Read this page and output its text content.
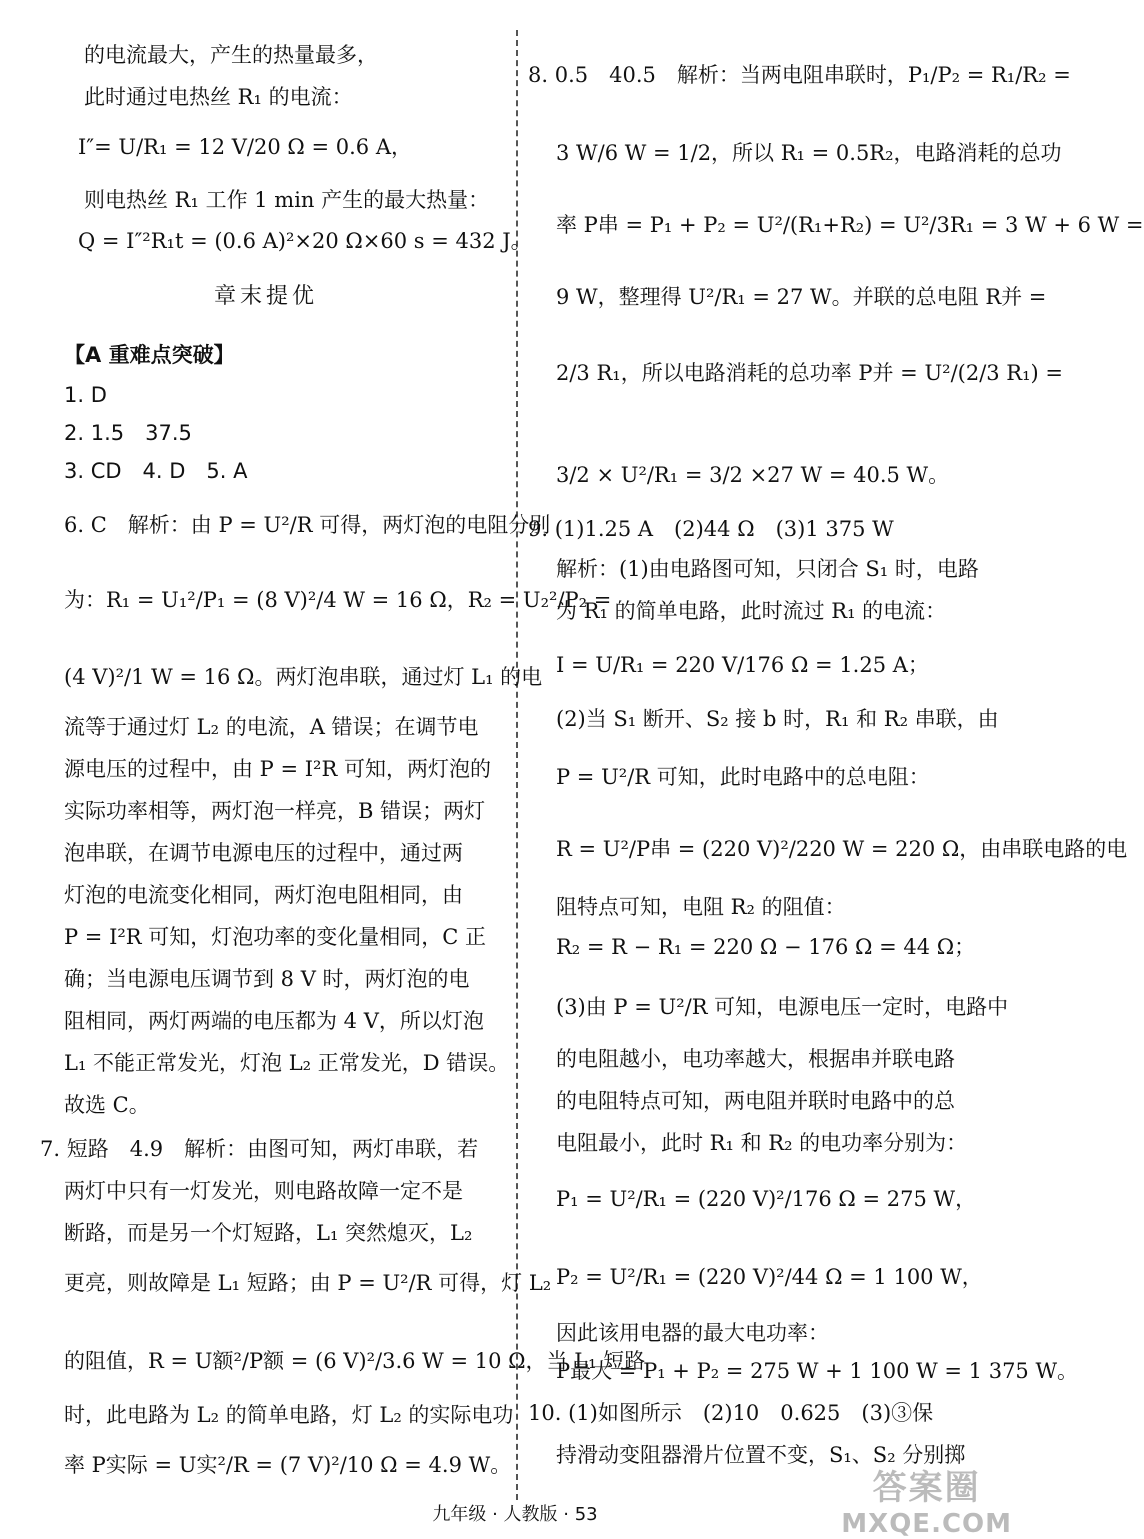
的电流最大，产生的热量最多，
此时通过电热丝 R₁ 的电流：
I″= U/R₁ = 12 V/20 Ω = 0.6 A，
则电热丝 R₁ 工作 1 min 产生的最大热量：
Q = I″²R₁t = (0.6 A)²×20 Ω×60 s = 432 J。
章末提优
【A 重难点突破】
1. D
2. 1.5　37.5
3. CD　4. D　5. A
6. C　解析：由 P = U²/R 可得，两灯泡的电阻分别
为：R₁ = U₁²/P₁ = (8 V)²/4 W = 16 Ω，R₂ = U₂²/P₂ =
(4 V)²/1 W = 16 Ω。两灯泡串联，通过灯 L₁ 的电
流等于通过灯 L₂ 的电流，A 错误；在调节电
源电压的过程中，由 P = I²R 可知，两灯泡的
实际功率相等，两灯泡一样亮，B 错误；两灯
泡串联，在调节电源电压的过程中，通过两
灯泡的电流变化相同，两灯泡电阻相同，由
P = I²R 可知，灯泡功率的变化量相同，C 正
确；当电源电压调节到 8 V 时，两灯泡的电
阻相同，两灯两端的电压都为 4 V，所以灯泡
L₁ 不能正常发光，灯泡 L₂ 正常发光，D 错误。
故选 C。
7. 短路　4.9　解析：由图可知，两灯串联，若
两灯中只有一灯发光，则电路故障一定不是
断路，而是另一个灯短路，L₁ 突然熄灭，L₂
更亮，则故障是 L₁ 短路；由 P = U²/R 可得，灯 L₂
的阻值，R = U额²/P额 = (6 V)²/3.6 W = 10 Ω，当 L₁ 短路
时，此电路为 L₂ 的简单电路，灯 L₂ 的实际电功
率 P实际 = U实²/R = (7 V)²/10 Ω = 4.9 W。
8. 0.5　40.5　解析：当两电阻串联时，P₁/P₂ = R₁/R₂ =
3 W/6 W = 1/2，所以 R₁ = 0.5R₂，电路消耗的总功
率 P串 = P₁ + P₂ = U²/(R₁+R₂) = U²/3R₁ = 3 W + 6 W =
9 W，整理得 U²/R₁ = 27 W。并联的总电阻 R并 =
2/3 R₁，所以电路消耗的总功率 P并 = U²/(2/3 R₁) =
3/2 × U²/R₁ = 3/2 ×27 W = 40.5 W。
9. (1)1.25 A　(2)44 Ω　(3)1 375 W
解析：(1)由电路图可知，只闭合 S₁ 时，电路
为 R₁ 的简单电路，此时流过 R₁ 的电流：
I = U/R₁ = 220 V/176 Ω = 1.25 A；
(2)当 S₁ 断开、S₂ 接 b 时，R₁ 和 R₂ 串联，由
P = U²/R 可知，此时电路中的总电阻：
R = U²/P串 = (220 V)²/220 W = 220 Ω，由串联电路的电
阻特点可知，电阻 R₂ 的阻值：
R₂ = R − R₁ = 220 Ω − 176 Ω = 44 Ω；
(3)由 P = U²/R 可知，电源电压一定时，电路中
的电阻越小，电功率越大，根据串并联电路
的电阻特点可知，两电阻并联时电路中的总
电阻最小，此时 R₁ 和 R₂ 的电功率分别为：
P₁ = U²/R₁ = (220 V)²/176 Ω = 275 W，
P₂ = U²/R₁ = (220 V)²/44 Ω = 1 100 W，
因此该用电器的最大电功率：
P最大 = P₁ + P₂ = 275 W + 1 100 W = 1 375 W。
10. (1)如图所示　(2)10　0.625　(3)③保
持滑动变阻器滑片位置不变，S₁、S₂ 分别掷
九年级 · 人教版 · 53
答案圈
MXQE.COM
